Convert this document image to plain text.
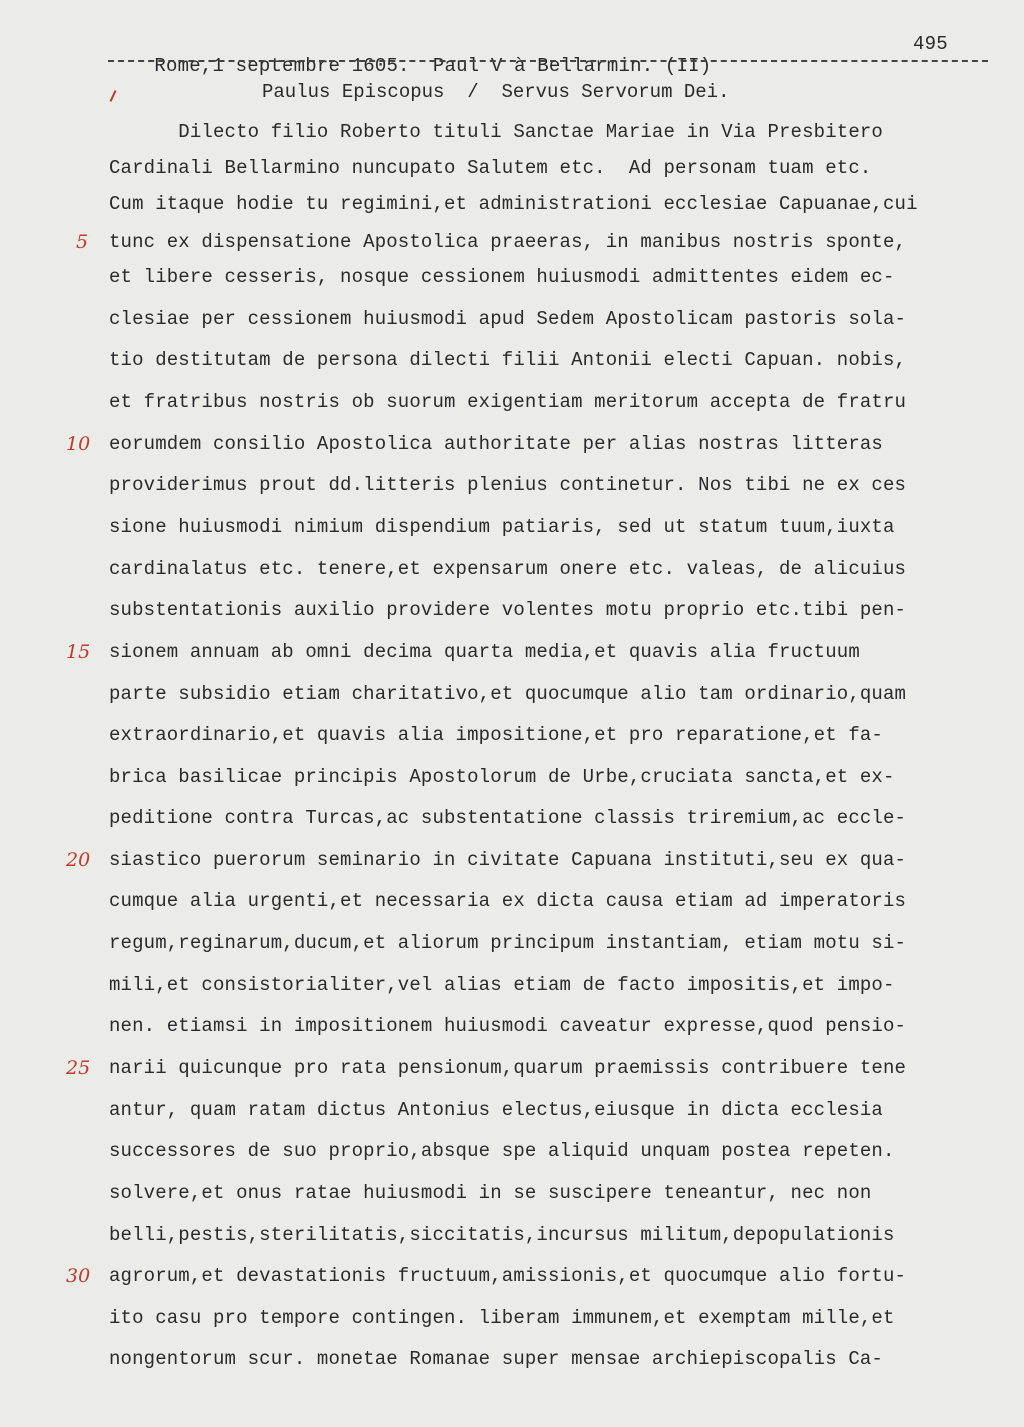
Rome,1 septembre 1605.  Paul V à Bellarmin. (II)

495

Paulus Episcopus  /  Servus Servorum Dei.
Dilecto filio Roberto tituli Sanctae Mariae in Via Presbitero
Cardinali Bellarmino nuncupato Salutem etc.  Ad personam tuam etc.
Cum itaque hodie tu regimini,et administrationi ecclesiae Capuanae,cui
tunc ex dispensatione Apostolica praeeras, in manibus nostris sponte,
et libere cesseris, nosque cessionem huiusmodi admittentes eidem ec-
clesiae per cessionem huiusmodi apud Sedem Apostolicam pastoris sola-
tio destitutam de persona dilecti filii Antonii electi Capuan. nobis,
et fratribus nostris ob suorum exigentiam meritorum accepta de fratru
eorumdem consilio Apostolica authoritate per alias nostras litteras
providerimus prout dd.litteris plenius continetur. Nos tibi ne ex ces
sione huiusmodi nimium dispendium patiaris, sed ut statum tuum,iuxta
cardinalatus etc. tenere,et expensarum onere etc. valeas, de alicuius
substentationis auxilio providere volentes motu proprio etc.tibi pen-
sionem annuam ab omni decima quarta media,et quavis alia fructuum
parte subsidio etiam charitativo,et quocumque alio tam ordinario,quam
extraordinario,et quavis alia impositione,et pro reparatione,et fa-
brica basilicae principis Apostolorum de Urbe,cruciata sancta,et ex-
peditione contra Turcas,ac substentatione classis triremium,ac eccle-
siastico puerorum seminario in civitate Capuana instituti,seu ex qua-
cumque alia urgenti,et necessaria ex dicta causa etiam ad imperatoris
regum,reginarum,ducum,et aliorum principum instantiam, etiam motu si-
mili,et consistorialiter,vel alias etiam de facto impositis,et impo-
nen. etiamsi in impositionem huiusmodi caveatur expresse,quod pensio-
narii quicunque pro rata pensionum,quarum praemissis contribuere tene
antur, quam ratam dictus Antonius electus,eiusque in dicta ecclesia
successores de suo proprio,absque spe aliquid unquam postea repeten.
solvere,et onus ratae huiusmodi in se suscipere teneantur, nec non
belli,pestis,sterilitatis,siccitatis,incursus militum,depopulationis
agrorum,et devastationis fructuum,amissionis,et quocumque alio fortu-
ito casu pro tempore contingen. liberam immunem,et exemptam mille,et
nongentorum scur. monetae Romanae super mensae archiepiscopalis Ca-
5
10
15
20
25
30
